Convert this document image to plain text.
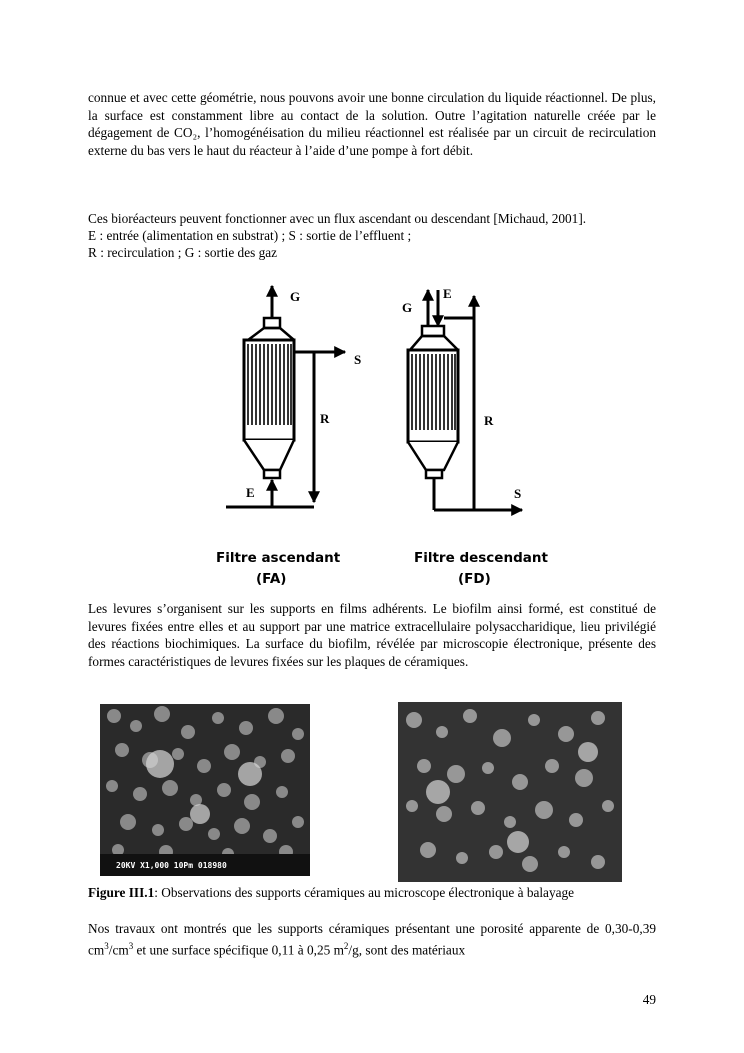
connue et avec cette géométrie, nous pouvons avoir une bonne circulation du liquide réactionnel. De plus, la surface est constamment libre au contact de la solution. Outre l’agitation naturelle créée par le dégagement de CO₂, l’homogénéisation du milieu réactionnel est réalisée par un circuit de recirculation externe du bas vers le haut du réacteur à l’aide d’une pompe à fort débit.

Ces bioréacteurs peuvent fonctionner avec un flux ascendant ou descendant [Michaud, 2001].

E : entrée (alimentation en substrat) ; S : sortie de l’effluent ;

R : recirculation ; G : sortie des gaz

G
S
R
E
Filtre ascendant
(FA)
G
E
R
S
Filtre descendant
(FD)

Les levures s’organisent sur les supports en films adhérents. Le biofilm ainsi formé, est constitué de levures fixées entre elles et au support par une matrice extracellulaire polysaccharidique, lieu privilégié des réactions biochimiques. La surface du biofilm, révélée par microscopie électronique, présente des formes caractéristiques de levures fixées sur les plaques de céramiques.

20KV X1,000 10Pm 018980

Figure III.1: Observations des supports céramiques au microscope électronique à balayage

Nos travaux ont montrés que les supports céramiques présentant une porosité apparente de 0,30-0,39 $cm^3/cm^3$ et une surface spécifique 0,11 à 0,25 $m^2/g$, sont des matériaux

49
